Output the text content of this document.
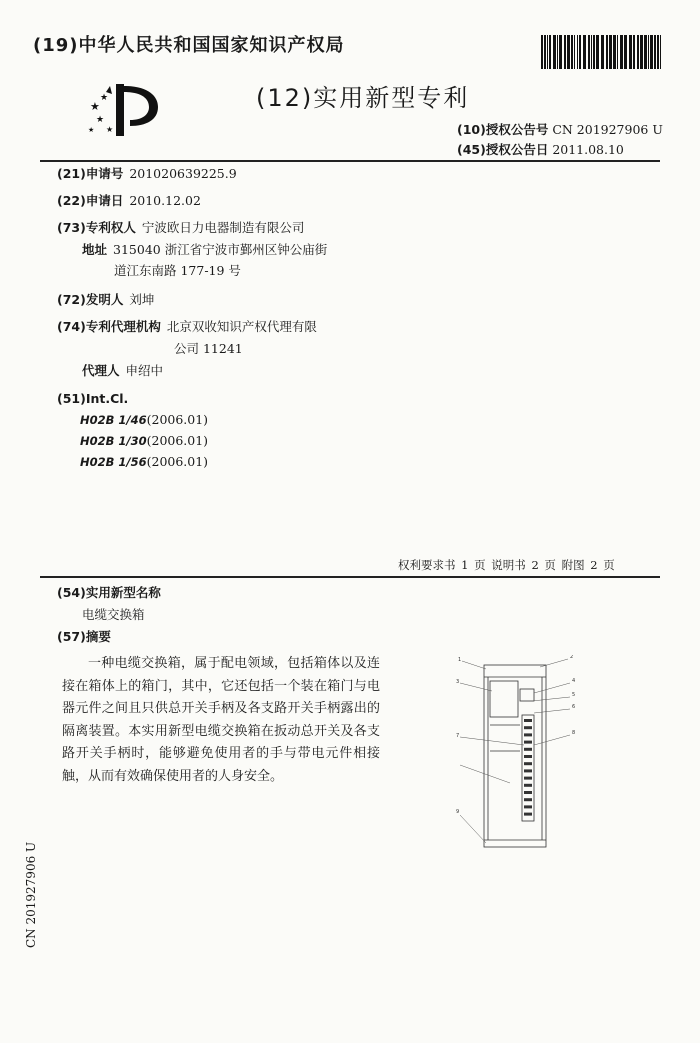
(19)中华人民共和国国家知识产权局
★
★
★
★
★
(12)实用新型专利
(10)授权公告号 CN 201927906 U
(45)授权公告日 2011.08.10
(21)申请号 201020639225.9
(22)申请日 2010.12.02
(73)专利权人 宁波欧日力电器制造有限公司
地址 315040 浙江省宁波市鄞州区钟公庙街
道江东南路 177-19 号
(72)发明人 刘坤
(74)专利代理机构 北京双收知识产权代理有限
公司 11241
代理人 申绍中
(51)Int.Cl.
H02B 1/46(2006.01)
H02B 1/30(2006.01)
H02B 1/56(2006.01)
权利要求书 1 页 说明书 2 页 附图 2 页
(54)实用新型名称
电缆交换箱
(57)摘要
一种电缆交换箱，属于配电领域，包括箱体以及连接在箱体上的箱门，其中，它还包括一个装在箱门与电器元件之间且只供总开关手柄及各支路开关手柄露出的隔离装置。本实用新型电缆交换箱在扳动总开关及各支路开关手柄时，能够避免使用者的手与带电元件相接触，从而有效确保使用者的人身安全。
1	2
3	4
5
6
7	8
9
CN 201927906 U
